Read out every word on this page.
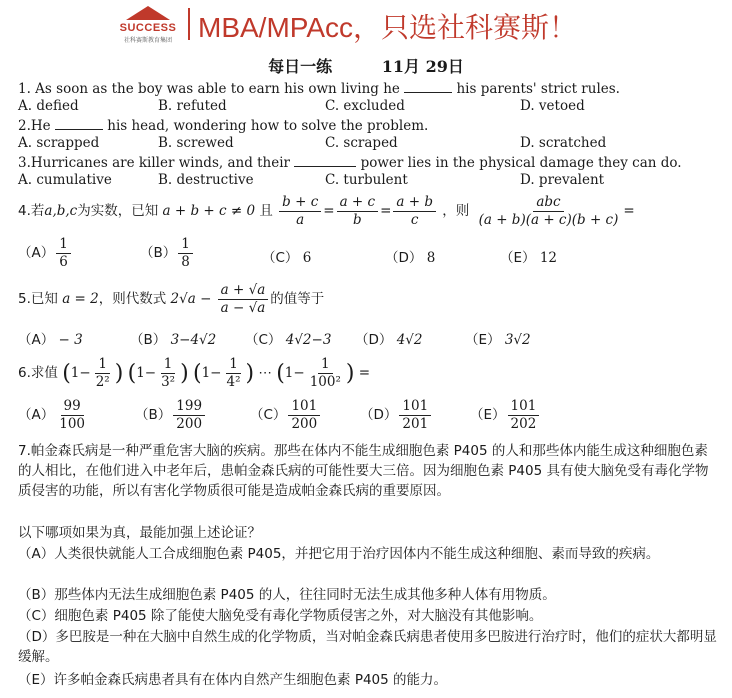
SUCCESS
社科赛斯教育集团 MBA/MPAcc，只选社科赛斯！
每日一练	11月 29日
1. As soon as the boy was able to earn his own living he	his parents' strict rules.
A. defied	B. refuted	C. excluded	D. vetoed
2.He	his head, wondering how to solve the problem.
A. scrapped	B. screwed	C. scraped	D. scratched
3.Hurricanes are killer winds, and their	power lies in the physical damage they can do.
A. cumulative	B. destructive	C. turbulent	D. prevalent
4.若a,b,c为实数，已知 a + b + c ≠ 0 且 $\frac{b + c}{a} = \frac{a + c}{b} = \frac{a + b}{c}$ ，则 $\frac{\text{abc}}{(a + b)(a + c)(b + c)}$ =
$(A) \frac{1}{6}$	$(B) \frac{1}{8}$	（C） 6	（D） 8	（E） 12
5.已知 a = 2，则代数式 $2√a - \frac{a + √a}{a - √a}$ 的值等于
（A） − 3	（B） 3−4√2 （C） 4√2−3 （D） 4√2	（E） 3√2
6.求值 ($1- \frac{1}{\text{2²}}$ ) ($1- \frac{1}{\text{3²}}$ ) ($1- \frac{1}{\text{4²}}$ ) ⋯ ($1- \frac{1}{\text{100²}}$ ) =
$(A) \frac{99}{100}$	$(B) \frac{199}{200}$	$(C) \frac{101}{200}$	$(D) \frac{101}{201}$	$(E) \frac{101}{202}$
7.帕金森氏病是一种严重危害大脑的疾病。那些在体内不能生成细胞色素 P405 的人和那些体内能生成这种细胞色素的人相比，在他们进入中老年后，患帕金森氏病的可能性要大三倍。因为细胞色素 P405 具有使大脑免受有毒化学物质侵害的功能，所以有害化学物质很可能是造成帕金森氏病的重要原因。
以下哪项如果为真，最能加强上述论证？
（A）人类很快就能人工合成细胞色素 P405，并把它用于治疗因体内不能生成这种细胞、素而导致的疾病。
（B）那些体内无法生成细胞色素 P405 的人，往往同时无法生成其他多种人体有用物质。
（C）细胞色素 P405 除了能使大脑免受有毒化学物质侵害之外，对大脑没有其他影响。
（D）多巴胺是一种在大脑中自然生成的化学物质，当对帕金森氏病患者使用多巴胺进行治疗时，他们的症状大都明显缓解。
（E）许多帕金森氏病患者具有在体内自然产生细胞色素 P405 的能力。
